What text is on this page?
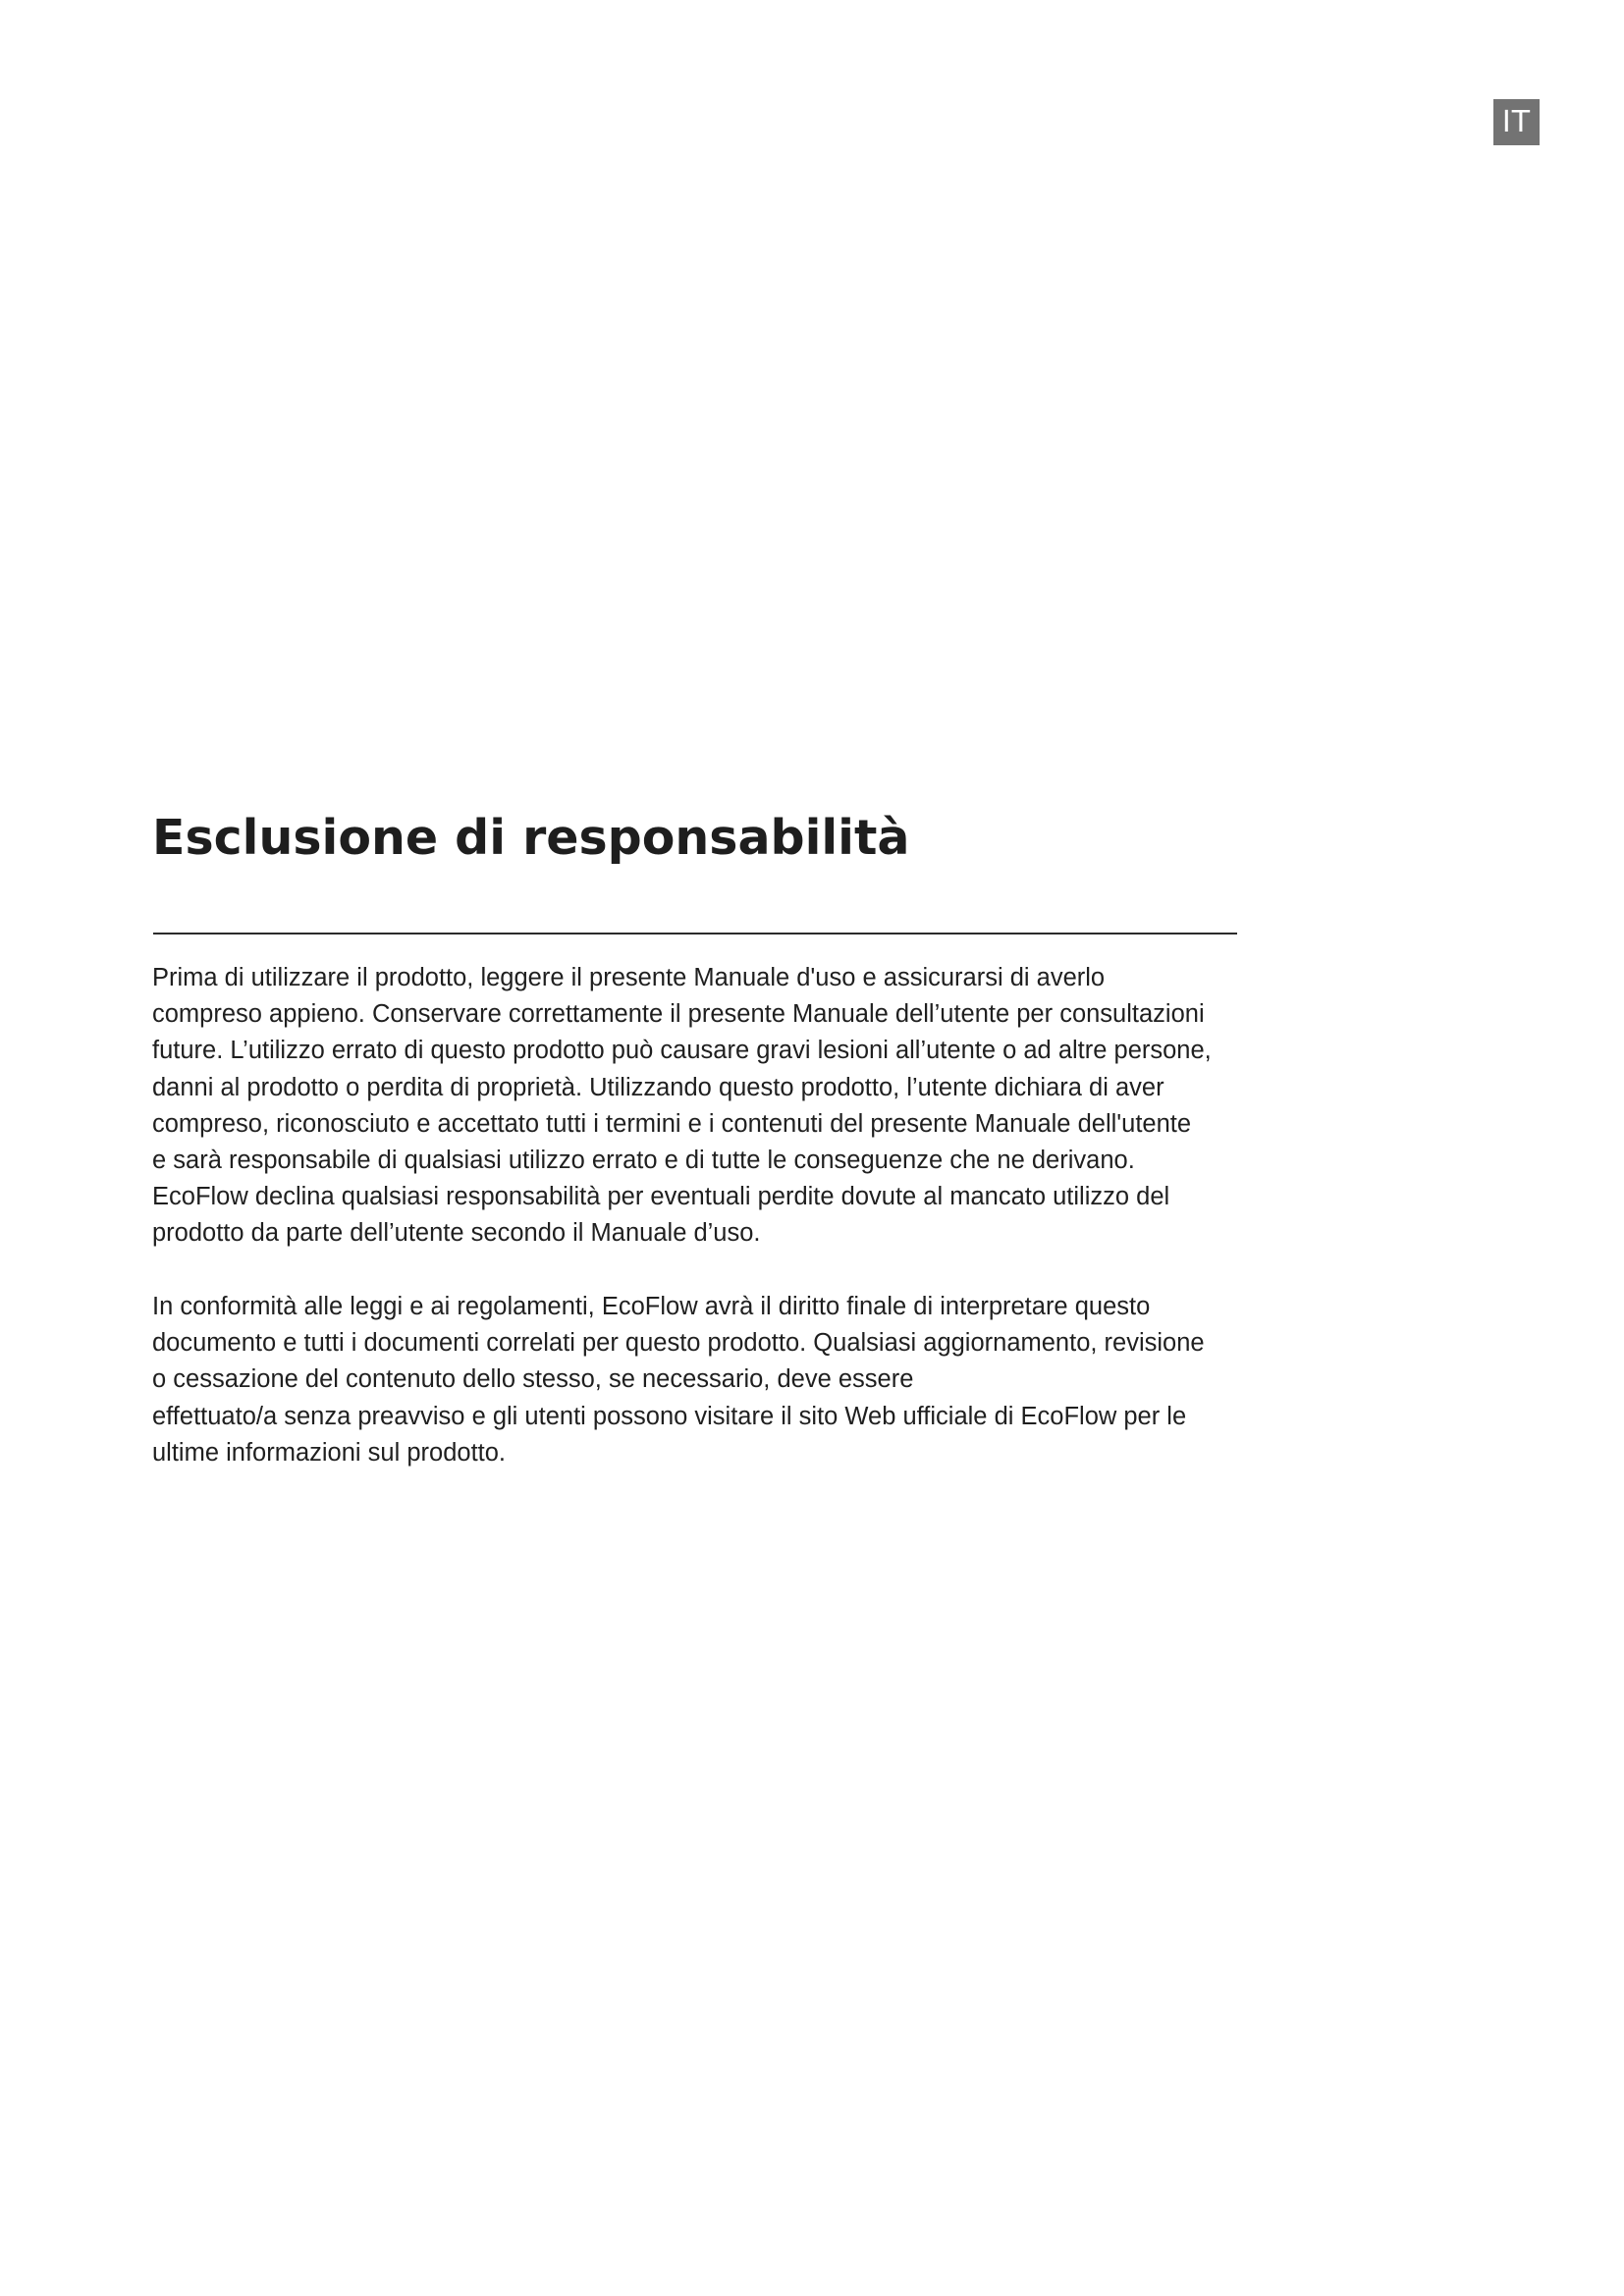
IT
Esclusione di responsabilità
Prima di utilizzare il prodotto, leggere il presente Manuale d'uso e assicurarsi di averlo
compreso appieno. Conservare correttamente il presente Manuale dell’utente per consultazioni
future. L’utilizzo errato di questo prodotto può causare gravi lesioni all’utente o ad altre persone,
danni al prodotto o perdita di proprietà. Utilizzando questo prodotto, l’utente dichiara di aver
compreso, riconosciuto e accettato tutti i termini e i contenuti del presente Manuale dell'utente
e sarà responsabile di qualsiasi utilizzo errato e di tutte le conseguenze che ne derivano.
EcoFlow declina qualsiasi responsabilità per eventuali perdite dovute al mancato utilizzo del
prodotto da parte dell’utente secondo il Manuale d’uso.
In conformità alle leggi e ai regolamenti, EcoFlow avrà il diritto finale di interpretare questo
documento e tutti i documenti correlati per questo prodotto. Qualsiasi aggiornamento, revisione
o cessazione del contenuto dello stesso, se necessario, deve essere
effettuato/a senza preavviso e gli utenti possono visitare il sito Web ufficiale di EcoFlow per le
ultime informazioni sul prodotto.
